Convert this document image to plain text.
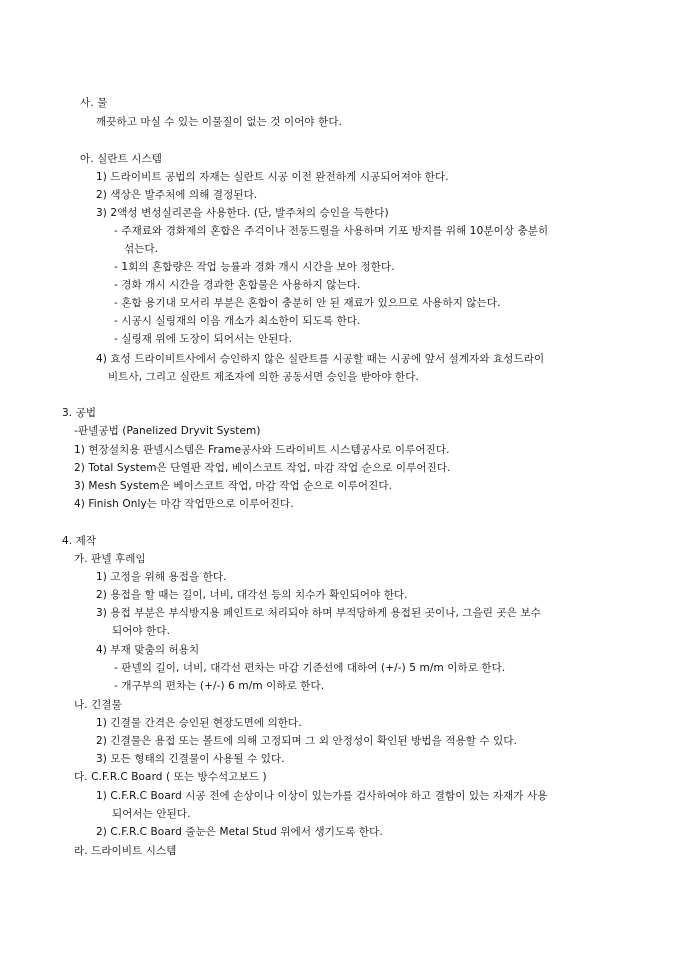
사. 물
깨끗하고 마실 수 있는 이물질이 없는 것 이어야 한다.
아. 실란트 시스템
1) 드라이비트 공법의 자재는 실란트 시공 이전 완전하게 시공되어져야 한다.
2) 색상은 발주처에 의해 결정된다.
3) 2액성 변성실리콘을 사용한다. (단, 발주처의 승인을 득한다)
- 주재료와 경화제의 혼합은 주걱이나 전동드릴을 사용하며 기포 방지를 위해 10분이상 충분히
섞는다.
- 1회의 혼합량은 작업 능률과 경화 개시 시간을 보아 정한다.
- 경화 개시 시간을 경과한 혼합물은 사용하지 않는다.
- 혼합 용기내 모서리 부분은 혼합이 충분히 안 된 재료가 있으므로 사용하지 않는다.
- 시공시 실링재의 이음 개소가 최소한이 되도록 한다.
- 실링재 위에 도장이 되어서는 안된다.
4) 효성 드라이비트사에서 승인하지 않은 실란트를 시공할 때는 시공에 앞서 설계자와 효성드라이
비트사, 그리고 실란트 제조자에 의한 공동서면 승인을 받아야 한다.
3. 공법
-판넬공법 (Panelized Dryvit System)
1) 현장설치용 판넬시스템은 Frame공사와 드라이비트 시스템공사로 이루어진다.
2) Total System은 단열판 작업, 베이스코트 작업, 마감 작업 순으로 이루어진다.
3) Mesh System은 베이스코트 작업, 마감 작업 순으로 이루어진다.
4) Finish Only는 마감 작업만으로 이루어진다.
4. 제작
가. 판넬 후레임
1) 고정을 위해 용접을 한다.
2) 용접을 할 때는 길이, 너비, 대각선 등의 치수가 확인되어야 한다.
3) 용접 부분은 부식방지용 페인트로 처리되야 하며 부적당하게 용접된 곳이나, 그을린 곳은 보수
되어야 한다.
4) 부재 맞춤의 허용치
- 판넬의 길이, 너비, 대각선 편차는 마감 기준선에 대하여 (+/-) 5 m/m 이하로 한다.
- 개구부의 편차는 (+/-) 6 m/m 이하로 한다.
나. 긴결물
1) 긴결물 간격은 승인된 현장도면에 의한다.
2) 긴결물은 용접 또는 볼트에 의해 고정되며 그 외 안정성이 확인된 방법을 적용할 수 있다.
3) 모든 형태의 긴결물이 사용될 수 있다.
다. C.F.R.C Board ( 또는 방수석고보드 )
1) C.F.R.C Board 시공 전에 손상이나 이상이 있는가를 검사하여야 하고 결함이 있는 자재가 사용
되어서는 안된다.
2) C.F.R.C Board 줄눈은 Metal Stud 위에서 생기도록 한다.
라. 드라이비트 시스템
